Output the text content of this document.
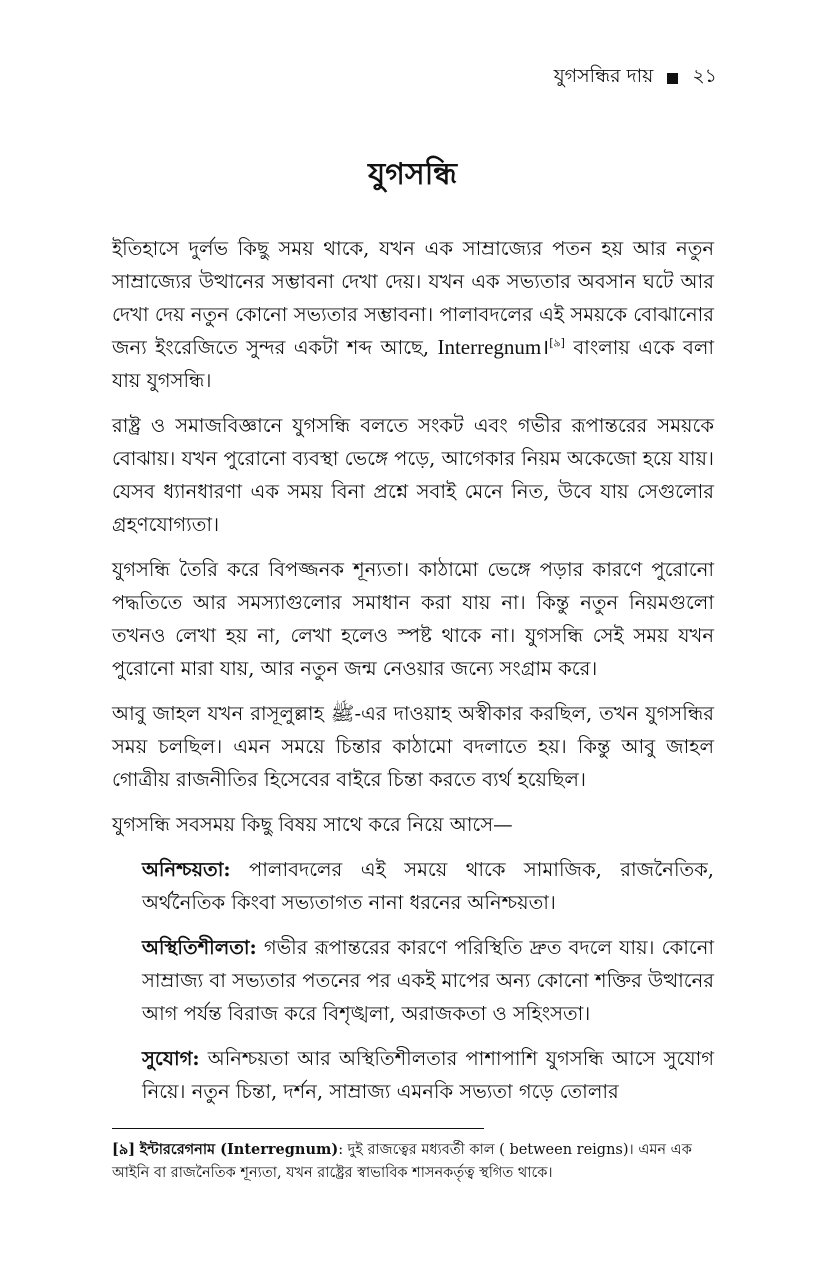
যুগসন্ধির দায় ২১
যুগসন্ধি

ইতিহাসে দুর্লভ কিছু সময় থাকে, যখন এক সাম্রাজ্যের পতন হয় আর নতুন সাম্রাজ্যের উত্থানের সম্ভাবনা দেখা দেয়। যখন এক সভ্যতার অবসান ঘটে আর দেখা দেয় নতুন কোনো সভ্যতার সম্ভাবনা। পালাবদলের এই সময়কে বোঝানোর জন্য ইংরেজিতে সুন্দর একটা শব্দ আছে, Interregnum।[৯] বাংলায় একে বলা যায় যুগসন্ধি।

রাষ্ট্র ও সমাজবিজ্ঞানে যুগসন্ধি বলতে সংকট এবং গভীর রূপান্তরের সময়কে বোঝায়। যখন পুরোনো ব্যবস্থা ভেঙ্গে পড়ে, আগেকার নিয়ম অকেজো হয়ে যায়। যেসব ধ্যানধারণা এক সময় বিনা প্রশ্নে সবাই মেনে নিত, উবে যায় সেগুলোর গ্রহণযোগ্যতা।

যুগসন্ধি তৈরি করে বিপজ্জনক শূন্যতা। কাঠামো ভেঙ্গে পড়ার কারণে পুরোনো পদ্ধতিতে আর সমস্যাগুলোর সমাধান করা যায় না। কিন্তু নতুন নিয়মগুলো তখনও লেখা হয় না, লেখা হলেও স্পষ্ট থাকে না। যুগসন্ধি সেই সময় যখন পুরোনো মারা যায়, আর নতুন জন্ম নেওয়ার জন্যে সংগ্রাম করে।

আবু জাহল যখন রাসূলুল্লাহ ﷺ-এর দাওয়াহ অস্বীকার করছিল, তখন যুগসন্ধির সময় চলছিল। এমন সময়ে চিন্তার কাঠামো বদলাতে হয়। কিন্তু আবু জাহল গোত্রীয় রাজনীতির হিসেবের বাইরে চিন্তা করতে ব্যর্থ হয়েছিল।

যুগসন্ধি সবসময় কিছু বিষয় সাথে করে নিয়ে আসে—

অনিশ্চয়তা: পালাবদলের এই সময়ে থাকে সামাজিক, রাজনৈতিক, অর্থনৈতিক কিংবা সভ্যতাগত নানা ধরনের অনিশ্চয়তা।

অস্থিতিশীলতা: গভীর রূপান্তরের কারণে পরিস্থিতি দ্রুত বদলে যায়। কোনো সাম্রাজ্য বা সভ্যতার পতনের পর একই মাপের অন্য কোনো শক্তির উত্থানের আগ পর্যন্ত বিরাজ করে বিশৃঙ্খলা, অরাজকতা ও সহিংসতা।

সুযোগ: অনিশ্চয়তা আর অস্থিতিশীলতার পাশাপাশি যুগসন্ধি আসে সুযোগ নিয়ে। নতুন চিন্তা, দর্শন, সাম্রাজ্য এমনকি সভ্যতা গড়ে তোলার

[৯] ইন্টাররেগনাম (Interregnum): দুই রাজত্বের মধ্যবর্তী কাল ( between reigns)। এমন এক আইনি বা রাজনৈতিক শূন্যতা, যখন রাষ্ট্রের স্বাভাবিক শাসনকর্তৃত্ব স্থগিত থাকে।
